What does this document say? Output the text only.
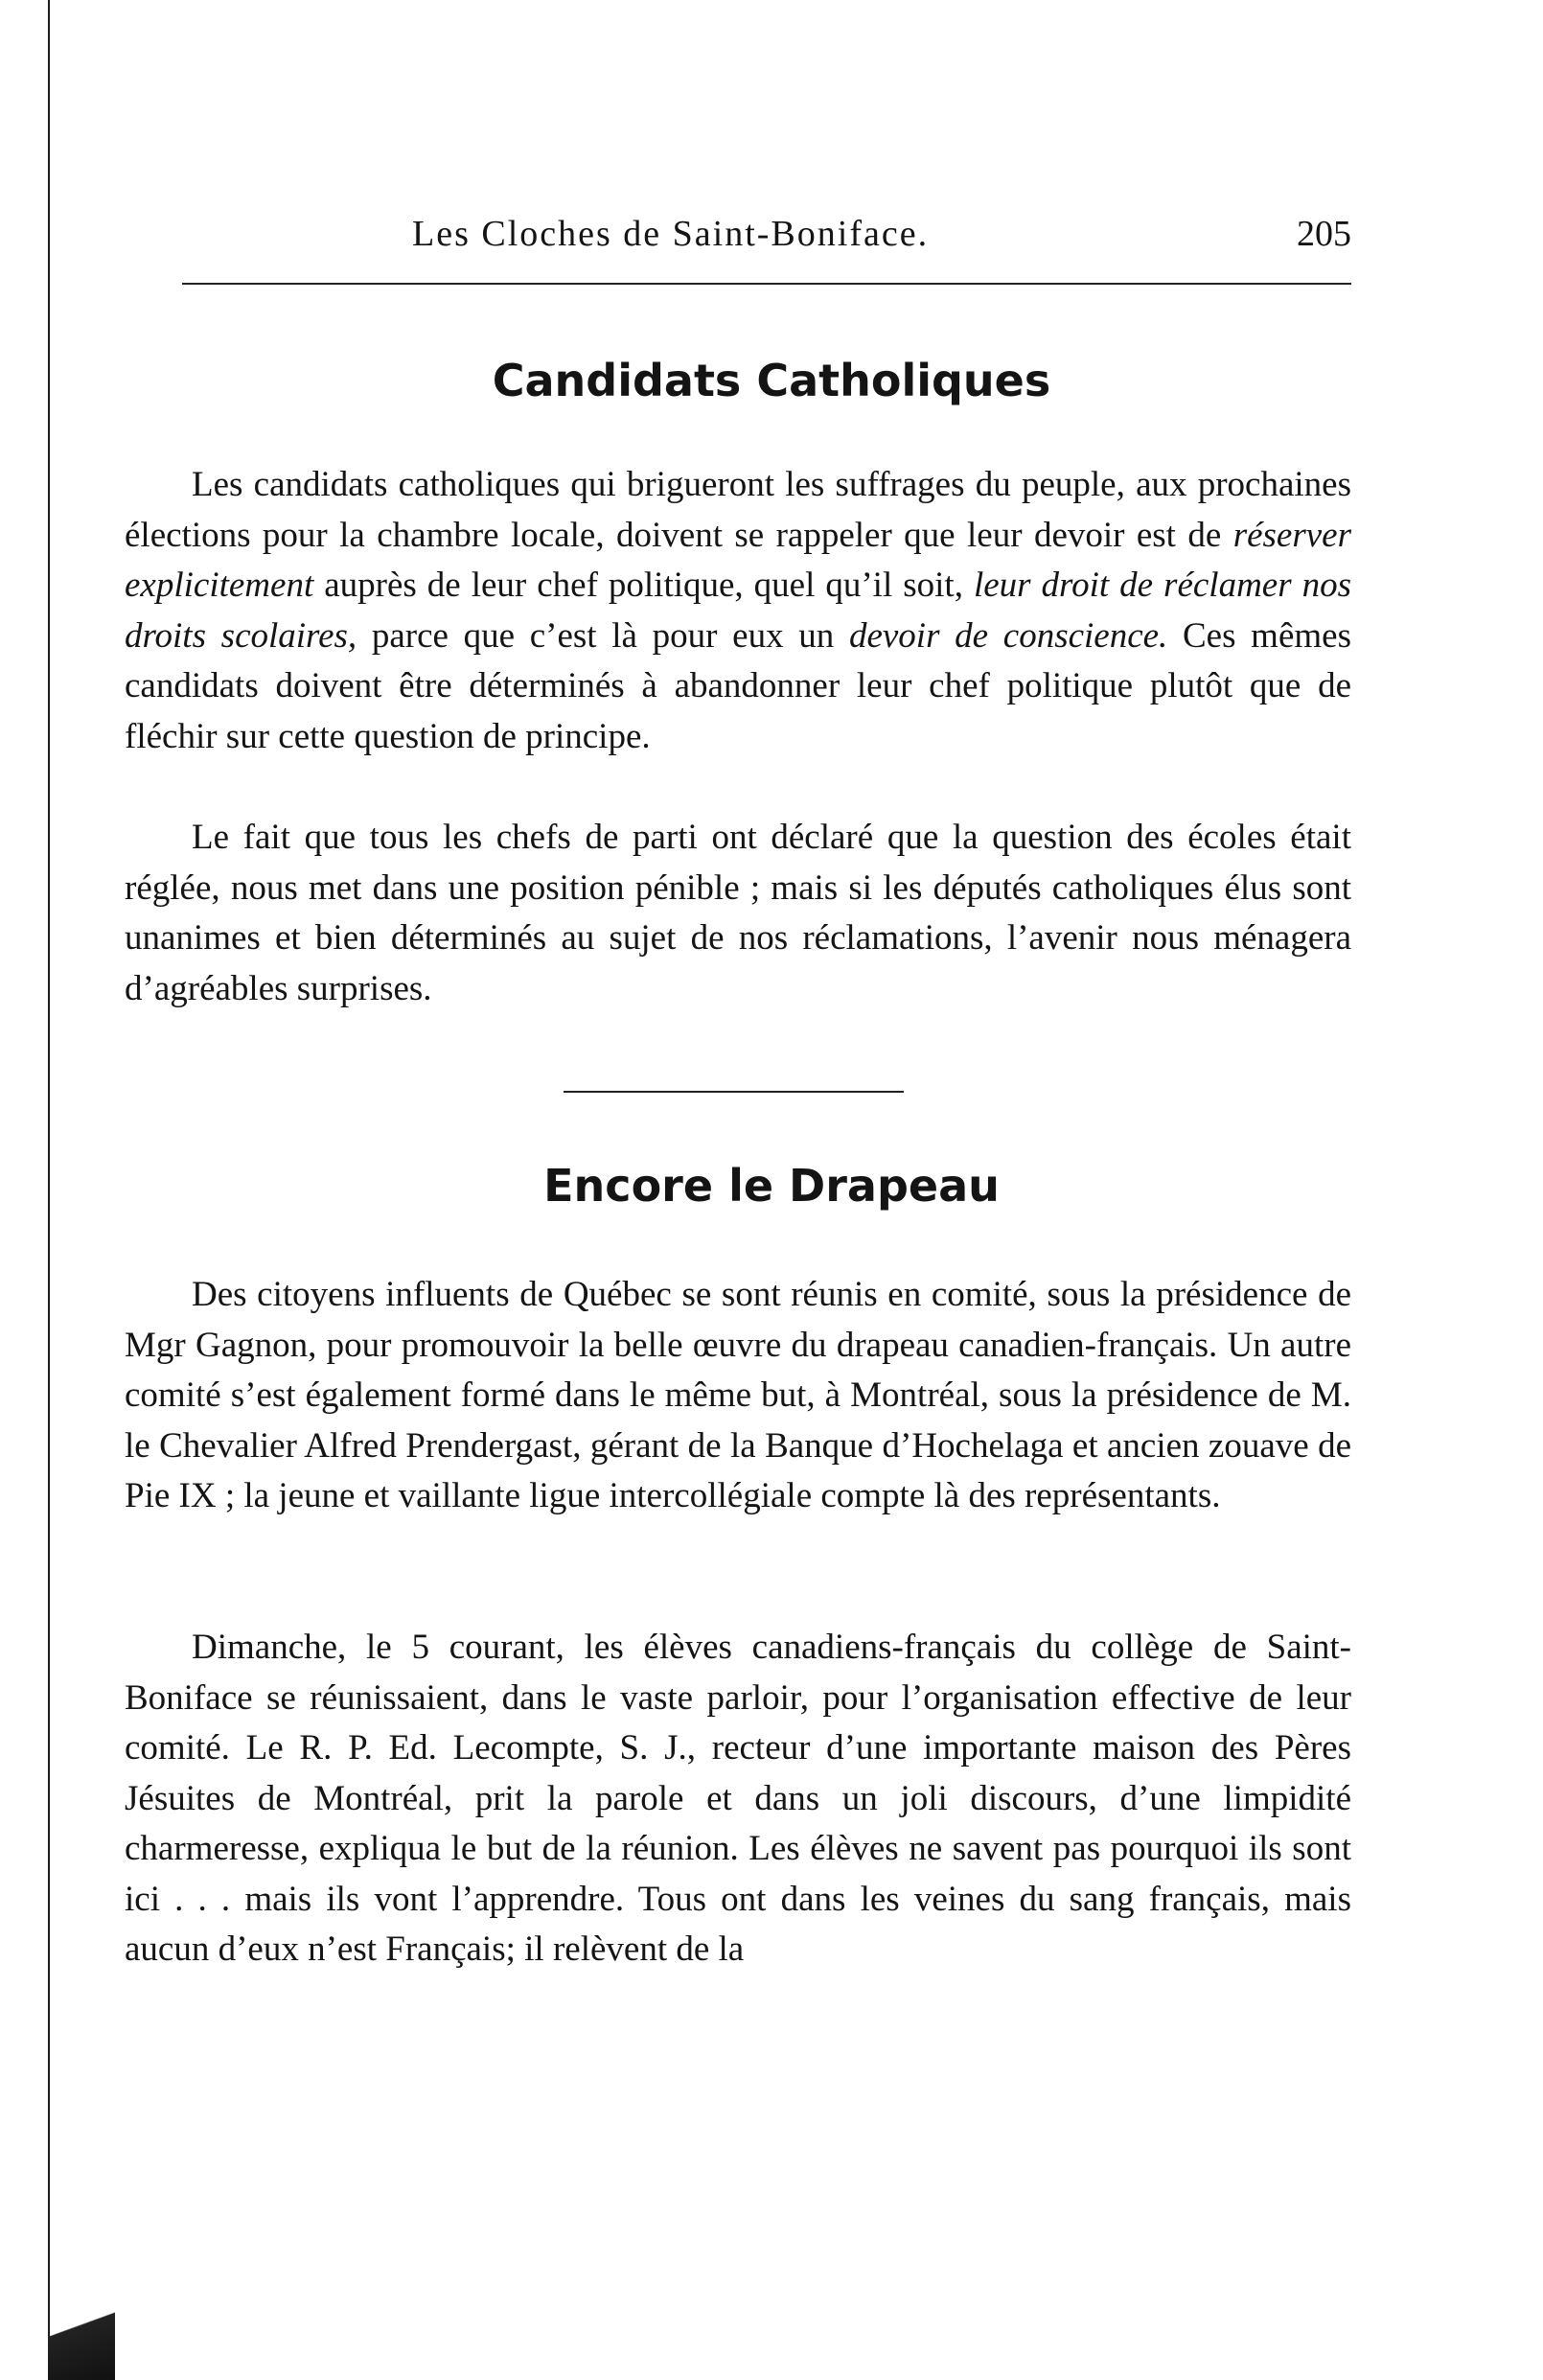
Les Cloches de Saint-Boniface.	205
Candidats Catholiques

Les candidats catholiques qui brigueront les suffrages du peuple, aux prochaines élections pour la chambre locale, doivent se rappeler que leur devoir est de réserver explicitement auprès de leur chef politique, quel qu’il soit, leur droit de réclamer nos droits scolaires, parce que c’est là pour eux un devoir de conscience. Ces mêmes candidats doivent être déterminés à abandonner leur chef politique plutôt que de fléchir sur cette question de principe.

Le fait que tous les chefs de parti ont déclaré que la question des écoles était réglée, nous met dans une position pénible ; mais si les députés catholiques élus sont unanimes et bien déterminés au sujet de nos réclamations, l’avenir nous ménagera d’agréables surprises.

Encore le Drapeau

Des citoyens influents de Québec se sont réunis en comité, sous la présidence de Mgr Gagnon, pour promouvoir la belle œuvre du drapeau canadien-français. Un autre comité s’est également formé dans le même but, à Montréal, sous la présidence de M. le Chevalier Alfred Prendergast, gérant de la Banque d’Hochelaga et ancien zouave de Pie IX ; la jeune et vaillante ligue intercollégiale compte là des représentants.

Dimanche, le 5 courant, les élèves canadiens-français du collège de Saint-Boniface se réunissaient, dans le vaste parloir, pour l’organisation effective de leur comité. Le R. P. Ed. Lecompte, S. J., recteur d’une importante maison des Pères Jésuites de Montréal, prit la parole et dans un joli discours, d’une limpidité charmeresse, expliqua le but de la réunion. Les élèves ne savent pas pourquoi ils sont ici . . . mais ils vont l’apprendre. Tous ont dans les veines du sang français, mais aucun d’eux n’est Français; il relèvent de la
